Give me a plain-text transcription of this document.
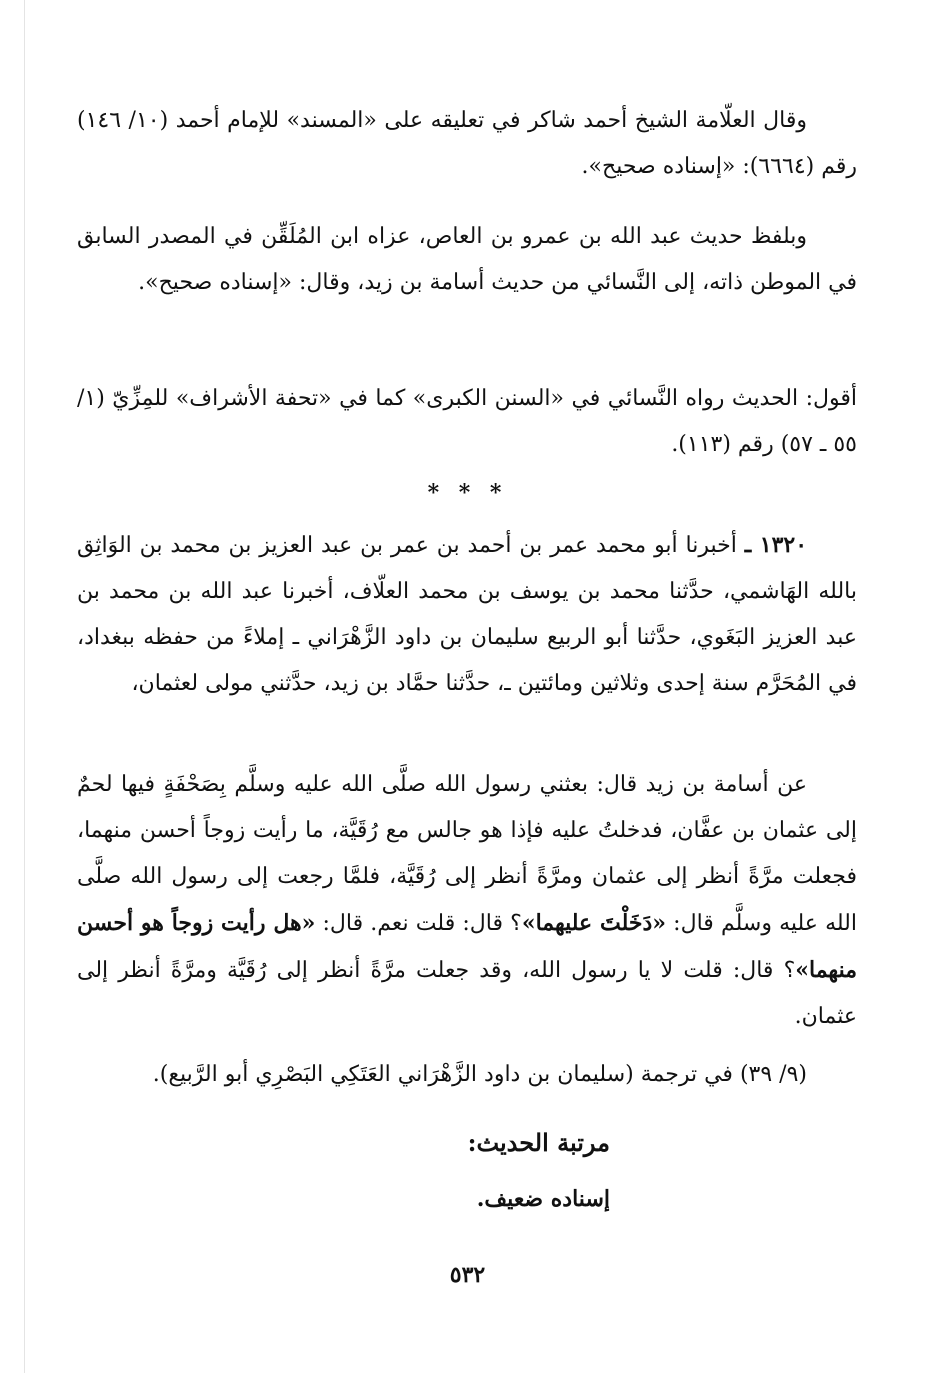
وقال العلّامة الشيخ أحمد شاكر في تعليقه على «المسند» للإمام أحمد (١٠/ ١٤٦) رقم (٦٦٦٤): «إسناده صحيح».

وبلفظ حديث عبد الله بن عمرو بن العاص، عزاه ابن المُلَقِّن في المصدر السابق في الموطن ذاته، إلى النَّسائي من حديث أسامة بن زيد، وقال: «إسناده صحيح».

أقول: الحديث رواه النَّسائي في «السنن الكبرى» كما في «تحفة الأشراف» للمِزِّيّ (١/ ٥٥ ـ ٥٧) رقم (١١٣).

* * *

١٣٢٠ ـ أخبرنا أبو محمد عمر بن أحمد بن عمر بن عبد العزيز بن محمد بن الوَاثِق بالله الهَاشمي، حدَّثنا محمد بن يوسف بن محمد العلّاف، أخبرنا عبد الله بن محمد بن عبد العزيز البَغَوي، حدَّثنا أبو الربيع سليمان بن داود الزَّهْرَاني ـ إملاءً من حفظه ببغداد، في المُحَرَّم سنة إحدى وثلاثين ومائتين ـ، حدَّثنا حمَّاد بن زيد، حدَّثني مولى لعثمان،

عن أسامة بن زيد قال: بعثني رسول الله صلَّى الله عليه وسلَّم بِصَحْفَةٍ فيها لحمٌ إلى عثمان بن عفَّان، فدخلتُ عليه فإذا هو جالس مع رُقَيَّة، ما رأيت زوجاً أحسن منهما، فجعلت مرَّةً أنظر إلى عثمان ومرَّةً أنظر إلى رُقَيَّة، فلمَّا رجعت إلى رسول الله صلَّى الله عليه وسلَّم قال: «دَخَلْتَ عليهما»؟ قال: قلت نعم. قال: «هل رأيت زوجاً هو أحسن منهما»؟ قال: قلت لا يا رسول الله، وقد جعلت مرَّةً أنظر إلى رُقَيَّة ومرَّةً أنظر إلى عثمان.

(٩/ ٣٩) في ترجمة (سليمان بن داود الزَّهْرَاني العَتَكِي البَصْرِي أبو الرَّبيع).

مرتبة الحديث:
إسناده ضعيف.
٥٣٢
